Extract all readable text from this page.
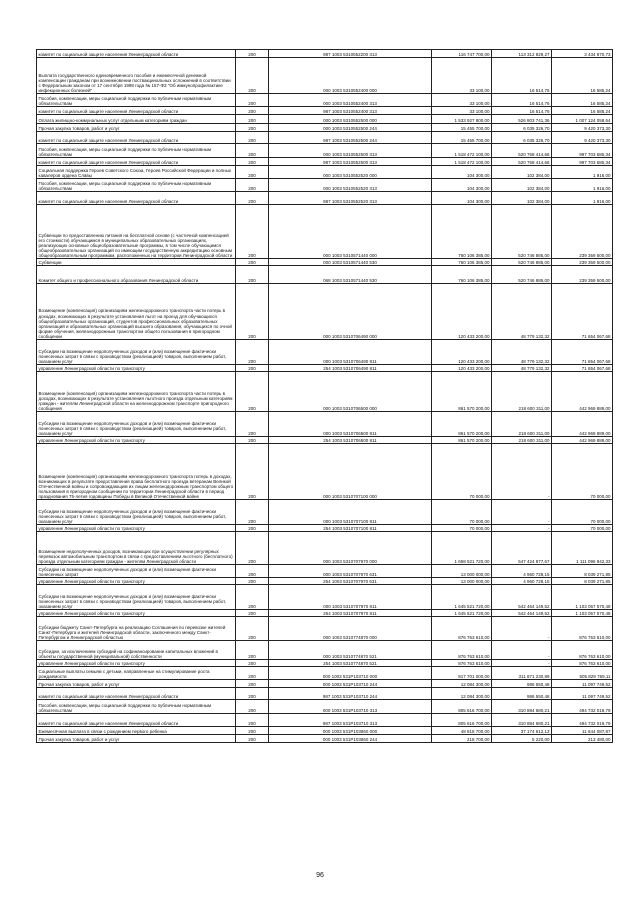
комитет по социальной защите населения Ленинградской области	200	987 1003 5310552200 313	116 747 700,00	113 312 829,27	3 434 870,73
Выплата государственного единовременного пособия и ежемесячной денежной компенсации гражданам при возникновении поствакцинальных осложнений в соответствии с Федеральным законом от 17 сентября 1998 года № 157-ФЗ "Об иммунопрофилактике инфекционных болезней"	200	000 1003 5310552400 000	33 100,00	16 514,76	16 585,24
Пособия, компенсации, меры социальной поддержки по публичным нормативным обязательствам	200	000 1003 5310552400 313	33 100,00	16 514,76	16 585,24
комитет по социальной защите населения Ленинградской области	200	987 1003 5310552400 313	33 100,00	16 514,76	16 585,24
Оплата жилищно-коммунальных услуг отдельным категориям граждан	200	000 1003 5310552500 000	1 533 927 800,00	526 803 741,36	1 007 124 058,64
Прочая закупка товаров, работ и услуг	200	000 1003 5310552500 244	15 455 700,00	6 035 326,70	9 420 373,30
комитет по социальной защите населения Ленинградской области	200	987 1003 5310552500 244	15 455 700,00	6 035 326,70	9 420 373,30
Пособия, компенсации, меры социальной поддержки по публичным нормативным обязательствам	200	000 1003 5310552500 313	1 518 472 100,00	520 768 414,66	997 703 685,34
комитет по социальной защите населения Ленинградской области	200	987 1003 5310552500 313	1 518 472 100,00	520 768 414,66	997 703 685,34
Социальная поддержка Героев Советского Союза, Героев Российской Федерации и полных кавалеров ордена Славы	200	000 1003 5310552520 000	104 300,00	102 384,00	1 916,00
Пособия, компенсации, меры социальной поддержки по публичным нормативным обязательствам	200	000 1003 5310552520 313	104 300,00	102 384,00	1 916,00
комитет по социальной защите населения Ленинградской области	200	987 1003 5310552520 313	104 300,00	102 384,00	1 916,00
Субвенции по предоставлению питания на бесплатной основе (с частичной компенсацией его стоимости) обучающимся в муниципальных образовательных организациях, реализующих основные общеобразовательные программы, в том числе обучающимся общеобразовательных организаций по имеющим государственную аккредитацию основным общеобразовательным программам, расположенных на территории Ленинградской области	200	000 1003 5310571440 000	760 106 385,00	520 746 885,00	239 359 500,00
Субвенции	200	000 1003 5310571440 530	760 106 385,00	520 746 885,00	239 359 500,00
Комитет общего и профессионального образования Ленинградской области	200	068 1003 5310571440 530	760 106 385,00	520 746 885,00	239 359 500,00
Возмещение (компенсация) организациям железнодорожного транспорта части потерь в доходах, возникающих в результате установления льгот на проезд для обучающихся общеобразовательных организаций, студентов профессиональных образовательных организаций и образовательных организаций высшего образования, обучающихся по очной форме обучения, железнодорожным транспортом общего пользования в пригородном сообщении	200	000 1003 5310706490 000	120 433 200,00	48 779 132,32	71 654 067,68
Субсидии на возмещение недополученных доходов и (или) возмещение фактически понесенных затрат в связи с производством (реализацией) товаров, выполнением работ, оказанием услуг	200	000 1003 5310706490 811	120 433 200,00	48 779 132,32	71 654 067,68
управление Ленинградской области по транспорту	200	254 1003 5310706490 811	120 433 200,00	48 779 132,32	71 654 067,68
Возмещение (компенсация) организациям железнодорожного транспорта части потерь в доходах, возникающих в результате установления льготного проезда отдельным категориям граждан - жителям Ленинградской области на железнодорожном транспорте пригородного сообщения	200	000 1003 5310706500 000	861 570 200,00	218 600 311,00	442 969 889,00
Субсидии на возмещение недополученных доходов и (или) возмещение фактически понесенных затрат в связи с производством (реализацией) товаров, выполнением работ, оказанием услуг	200	000 1003 5310706500 811	861 570 200,00	218 600 311,00	442 969 889,00
управление Ленинградской области по транспорту	200	254 1003 5310706500 811	861 570 200,00	218 600 311,00	442 969 889,00
Возмещение (компенсация) организациям железнодорожного транспорта потерь в доходах, возникающих в результате предоставления права бесплатного проезда ветеранам Великой Отечественной войны и сопровождающим их лицам железнодорожным транспортом общего пользования в пригородном сообщении по территории Ленинградской области в период празднования 75-летия годовщины Победы в Великой Отечественной войне	200	000 1003 5310707100 000	70 000,00	-	70 000,00
Субсидии на возмещение недополученных доходов и (или) возмещение фактически понесенных затрат в связи с производством (реализацией) товаров, выполнением работ, оказанием услуг	200	000 1003 5310707100 811	70 000,00	-	70 000,00
управление Ленинградской области по транспорту	200	254 1003 5310707100 811	70 000,00	-	70 000,00
Возмещение недополученных доходов, возникающих при осуществлении регулярных перевозок автомобильным транспортом в связи с предоставлением льготного (бесплатного) проезда отдельным категориям граждан - жителям Ленинградской области	200	000 1003 5310707970 000	1 658 521 720,00	547 424 877,67	1 111 096 842,33
Субсидии на возмещение недополученных доходов и (или) возмещение фактически понесенных затрат	200	000 1003 5310707970 631	13 000 000,00	4 960 728,15	8 039 271,85
управление Ленинградской области по транспорту	200	254 1003 5310707970 631	13 000 000,00	4 960 728,15	8 039 271,85
Субсидии на возмещение недополученных доходов и (или) возмещение фактически понесенных затрат в связи с производством (реализацией) товаров, выполнением работ, оказанием услуг	200	000 1003 5310707970 811	1 645 521 720,00	542 464 149,52	1 103 057 570,48
управление Ленинградской области по транспорту	200	254 1003 5310707970 811	1 645 521 720,00	542 464 149,52	1 103 057 570,48
Субсидии бюджету Санкт-Петербурга на реализацию Соглашения по перевозке жителей Санкт-Петербурга и жителей Ленинградской области, заключенного между Санкт-Петербургом и Ленинградской областью	200	000 1003 5310774870 000	876 763 610,00	-	876 763 610,00
Субсидии, за исключением субсидий на софинансирование капитальных вложений в объекты государственной (муниципальной) собственности	200	000 1003 5310774870 521	876 763 610,00	-	876 763 610,00
управление Ленинградской области по транспорту	200	254 1003 5310774870 521	876 763 610,00	-	876 763 610,00
Социальные выплаты семьям с детьми, направленные на стимулирование роста рождаемости	200	000 1003 531P103710 000	817 701 000,00	311 871 230,89	505 829 769,11
Прочая закупка товаров, работ и услуг	200	000 1003 531P103710 244	12 084 300,00	986 550,48	11 097 749,52
комитет по социальной защите населения Ленинградской области	200	987 1003 531P103710 244	12 084 300,00	986 550,48	11 097 749,52
Пособия, компенсации, меры социальной поддержки по публичным нормативным обязательствам	200	000 1003 531P103710 313	805 616 700,00	310 884 680,21	494 732 019,79
комитет по социальной защите населения Ленинградской области	200	987 1003 531P103710 313	805 616 700,00	310 884 680,21	494 732 019,79
Ежемесячная выплата в связи с рождением первого ребенка	200	000 1003 531P103860 000	48 818 700,00	37 174 612,13	11 644 087,87
Прочая закупка товаров, работ и услуг	200	000 1003 531P103860 244	218 700,00	5 220,00	213 480,00
96
